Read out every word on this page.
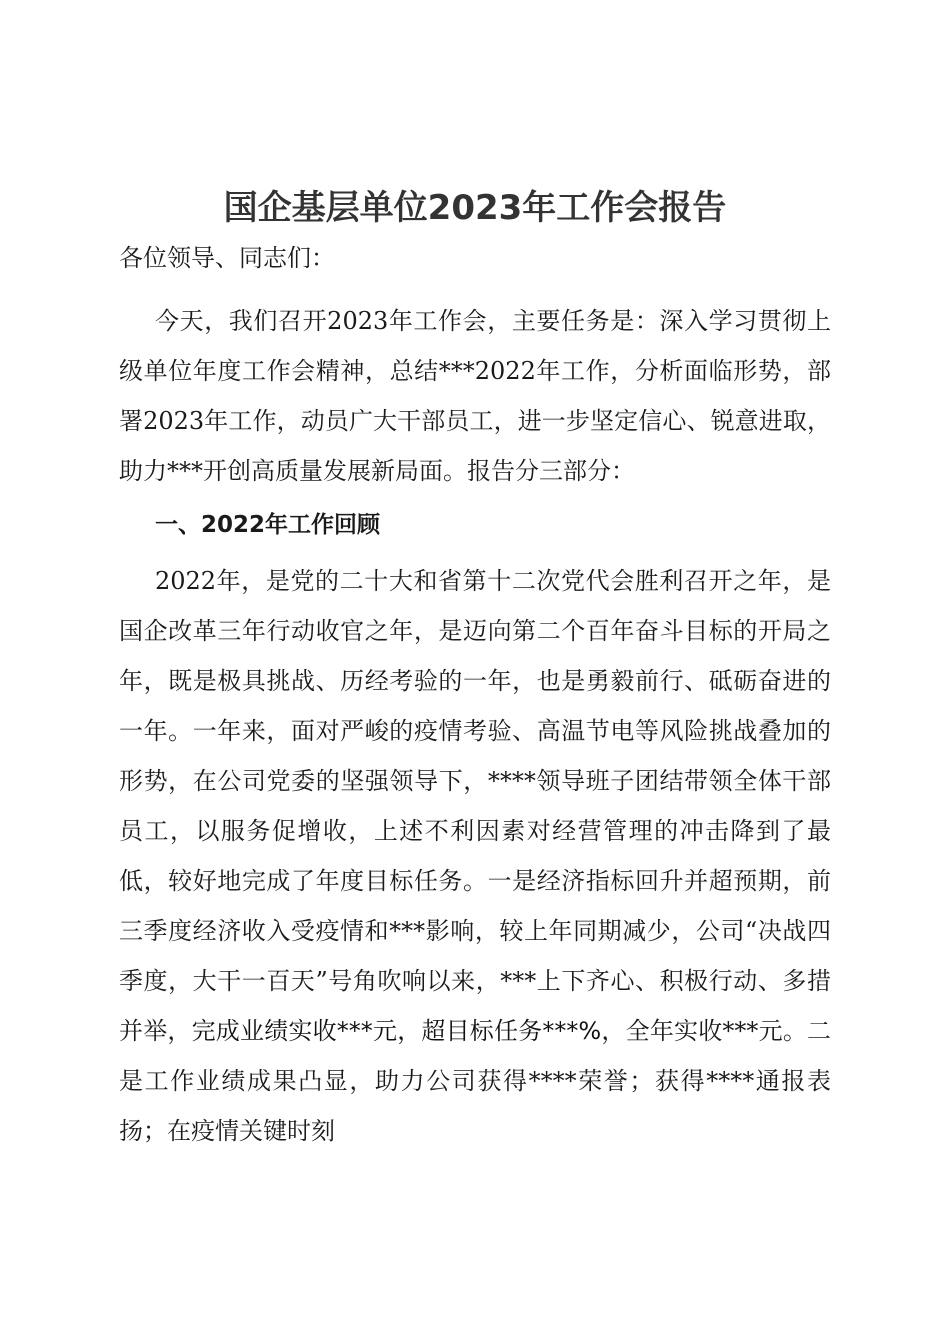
国企基层单位2023年工作会报告
各位领导、同志们：

今天，我们召开2023年工作会，主要任务是：深入学习贯彻上级单位年度工作会精神，总结***2022年工作，分析面临形势，部署2023年工作，动员广大干部员工，进一步坚定信心、锐意进取，助力***开创高质量发展新局面。报告分三部分：

一、2022年工作回顾

2022年，是党的二十大和省第十二次党代会胜利召开之年，是国企改革三年行动收官之年，是迈向第二个百年奋斗目标的开局之年，既是极具挑战、历经考验的一年，也是勇毅前行、砥砺奋进的一年。一年来，面对严峻的疫情考验、高温节电等风险挑战叠加的形势，在公司党委的坚强领导下，****领导班子团结带领全体干部员工，以服务促增收，上述不利因素对经营管理的冲击降到了最低，较好地完成了年度目标任务。一是经济指标回升并超预期，前三季度经济收入受疫情和***影响，较上年同期减少，公司“决战四季度，大干一百天”号角吹响以来，***上下齐心、积极行动、多措并举，完成业绩实收***元，超目标任务***%，全年实收***元。二是工作业绩成果凸显，助力公司获得****荣誉；获得****通报表扬；在疫情关键时刻
